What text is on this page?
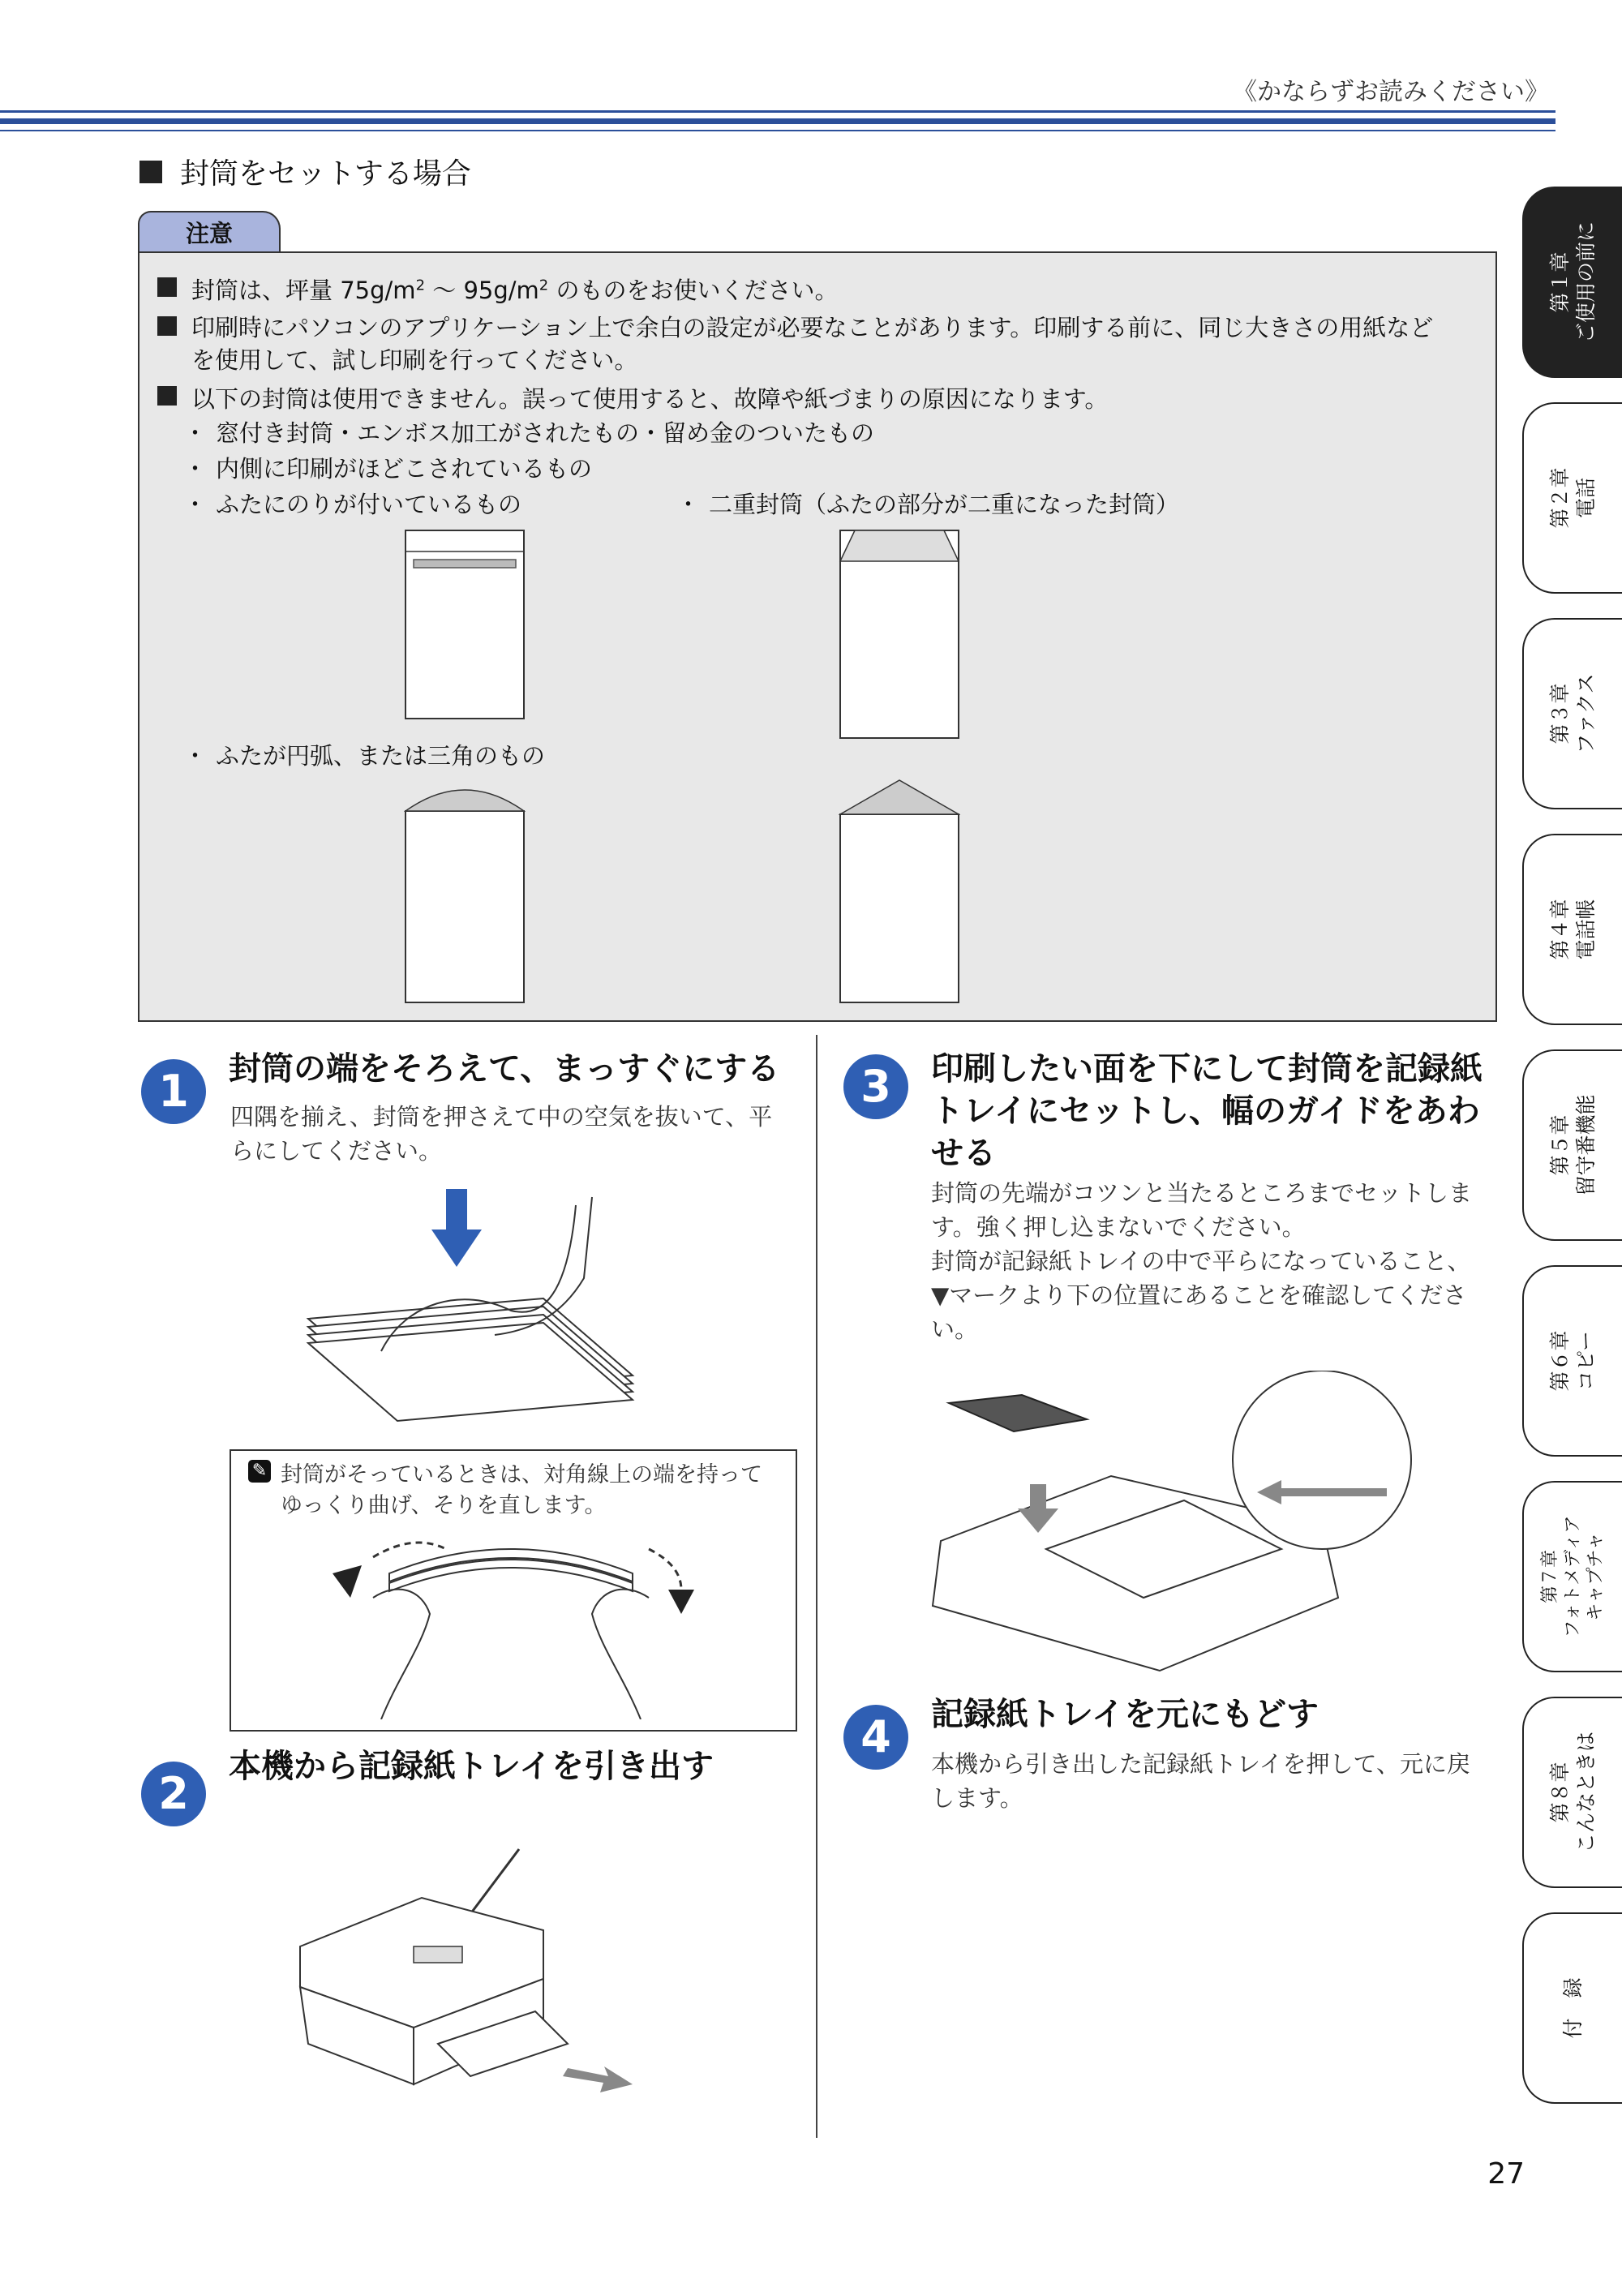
《かならずお読みください》
封筒をセットする場合
注意
封筒は、坪量 $75g/m^2$ 〜 $95g/m^2$ のものをお使いください。
印刷時にパソコンのアプリケーション上で余白の設定が必要なことがあります。印刷する前に、同じ大きさの用紙など
を使用して、試し印刷を行ってください。
以下の封筒は使用できません。誤って使用すると、故障や紙づまりの原因になります。
・ 窓付き封筒・エンボス加工がされたもの・留め金のついたもの
・ 内側に印刷がほどこされているもの
・ ふたにのりが付いているもの	・ 二重封筒（ふたの部分が二重になった封筒）
・ ふたが円弧、または三角のもの
1	封筒の端をそろえて、まっすぐにする
四隅を揃え、封筒を押さえて中の空気を抜いて、平
らにしてください。
✎ 封筒がそっているときは、対角線上の端を持って
ゆっくり曲げ、そりを直します。
2
本機から記録紙トレイを引き出す
3	印刷したい面を下にして封筒を記録紙
トレイにセットし、幅のガイドをあわ
せる
封筒の先端がコツンと当たるところまでセットしま
す。強く押し込まないでください。
封筒が記録紙トレイの中で平らになっていること、
▼マークより下の位置にあることを確認してくださ
い。
4	記録紙トレイを元にもどす
本機から引き出した記録紙トレイを押して、元に戻
します。
第１章 ご使用の前に
第２章 電話
第３章 ファクス
第４章 電話帳
第５章 留守番機能
第６章 コピー
第７章 フォトメディア キャプチャ
第８章 こんなときは
付　録
27
